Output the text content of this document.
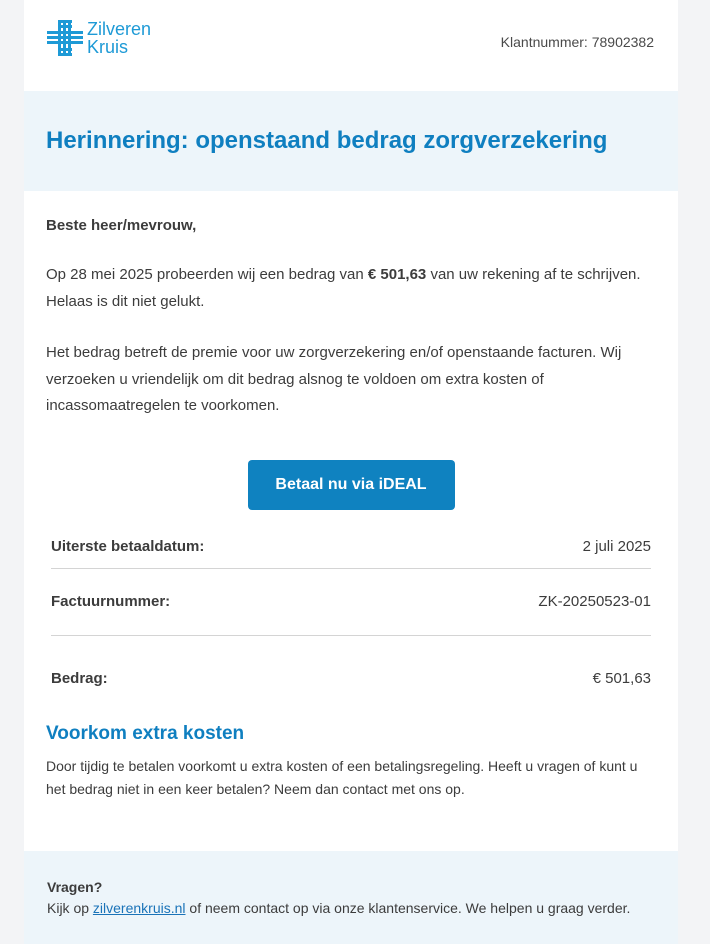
Zilveren
Kruis	Klantnummer: 78902382
Herinnering: openstaand bedrag zorgverzekering

Beste heer/mevrouw,

Op 28 mei 2025 probeerden wij een bedrag van € 501,63 van uw rekening af te schrijven. Helaas is dit niet gelukt.

Het bedrag betreft de premie voor uw zorgverzekering en/of openstaande facturen. Wij verzoeken u vriendelijk om dit bedrag alsnog te voldoen om extra kosten of incassomaatregelen te voorkomen.

Betaal nu via iDEAL
Uiterste betaaldatum:	2 juli 2025
Factuurnummer:	ZK-20250523-01
Bedrag:	€ 501,63
Voorkom extra kosten

Door tijdig te betalen voorkomt u extra kosten of een betalingsregeling. Heeft u vragen of kunt u het bedrag niet in een keer betalen? Neem dan contact met ons op.

Vragen?
Kijk op zilverenkruis.nl of neem contact op via onze klantenservice. We helpen u graag verder.
